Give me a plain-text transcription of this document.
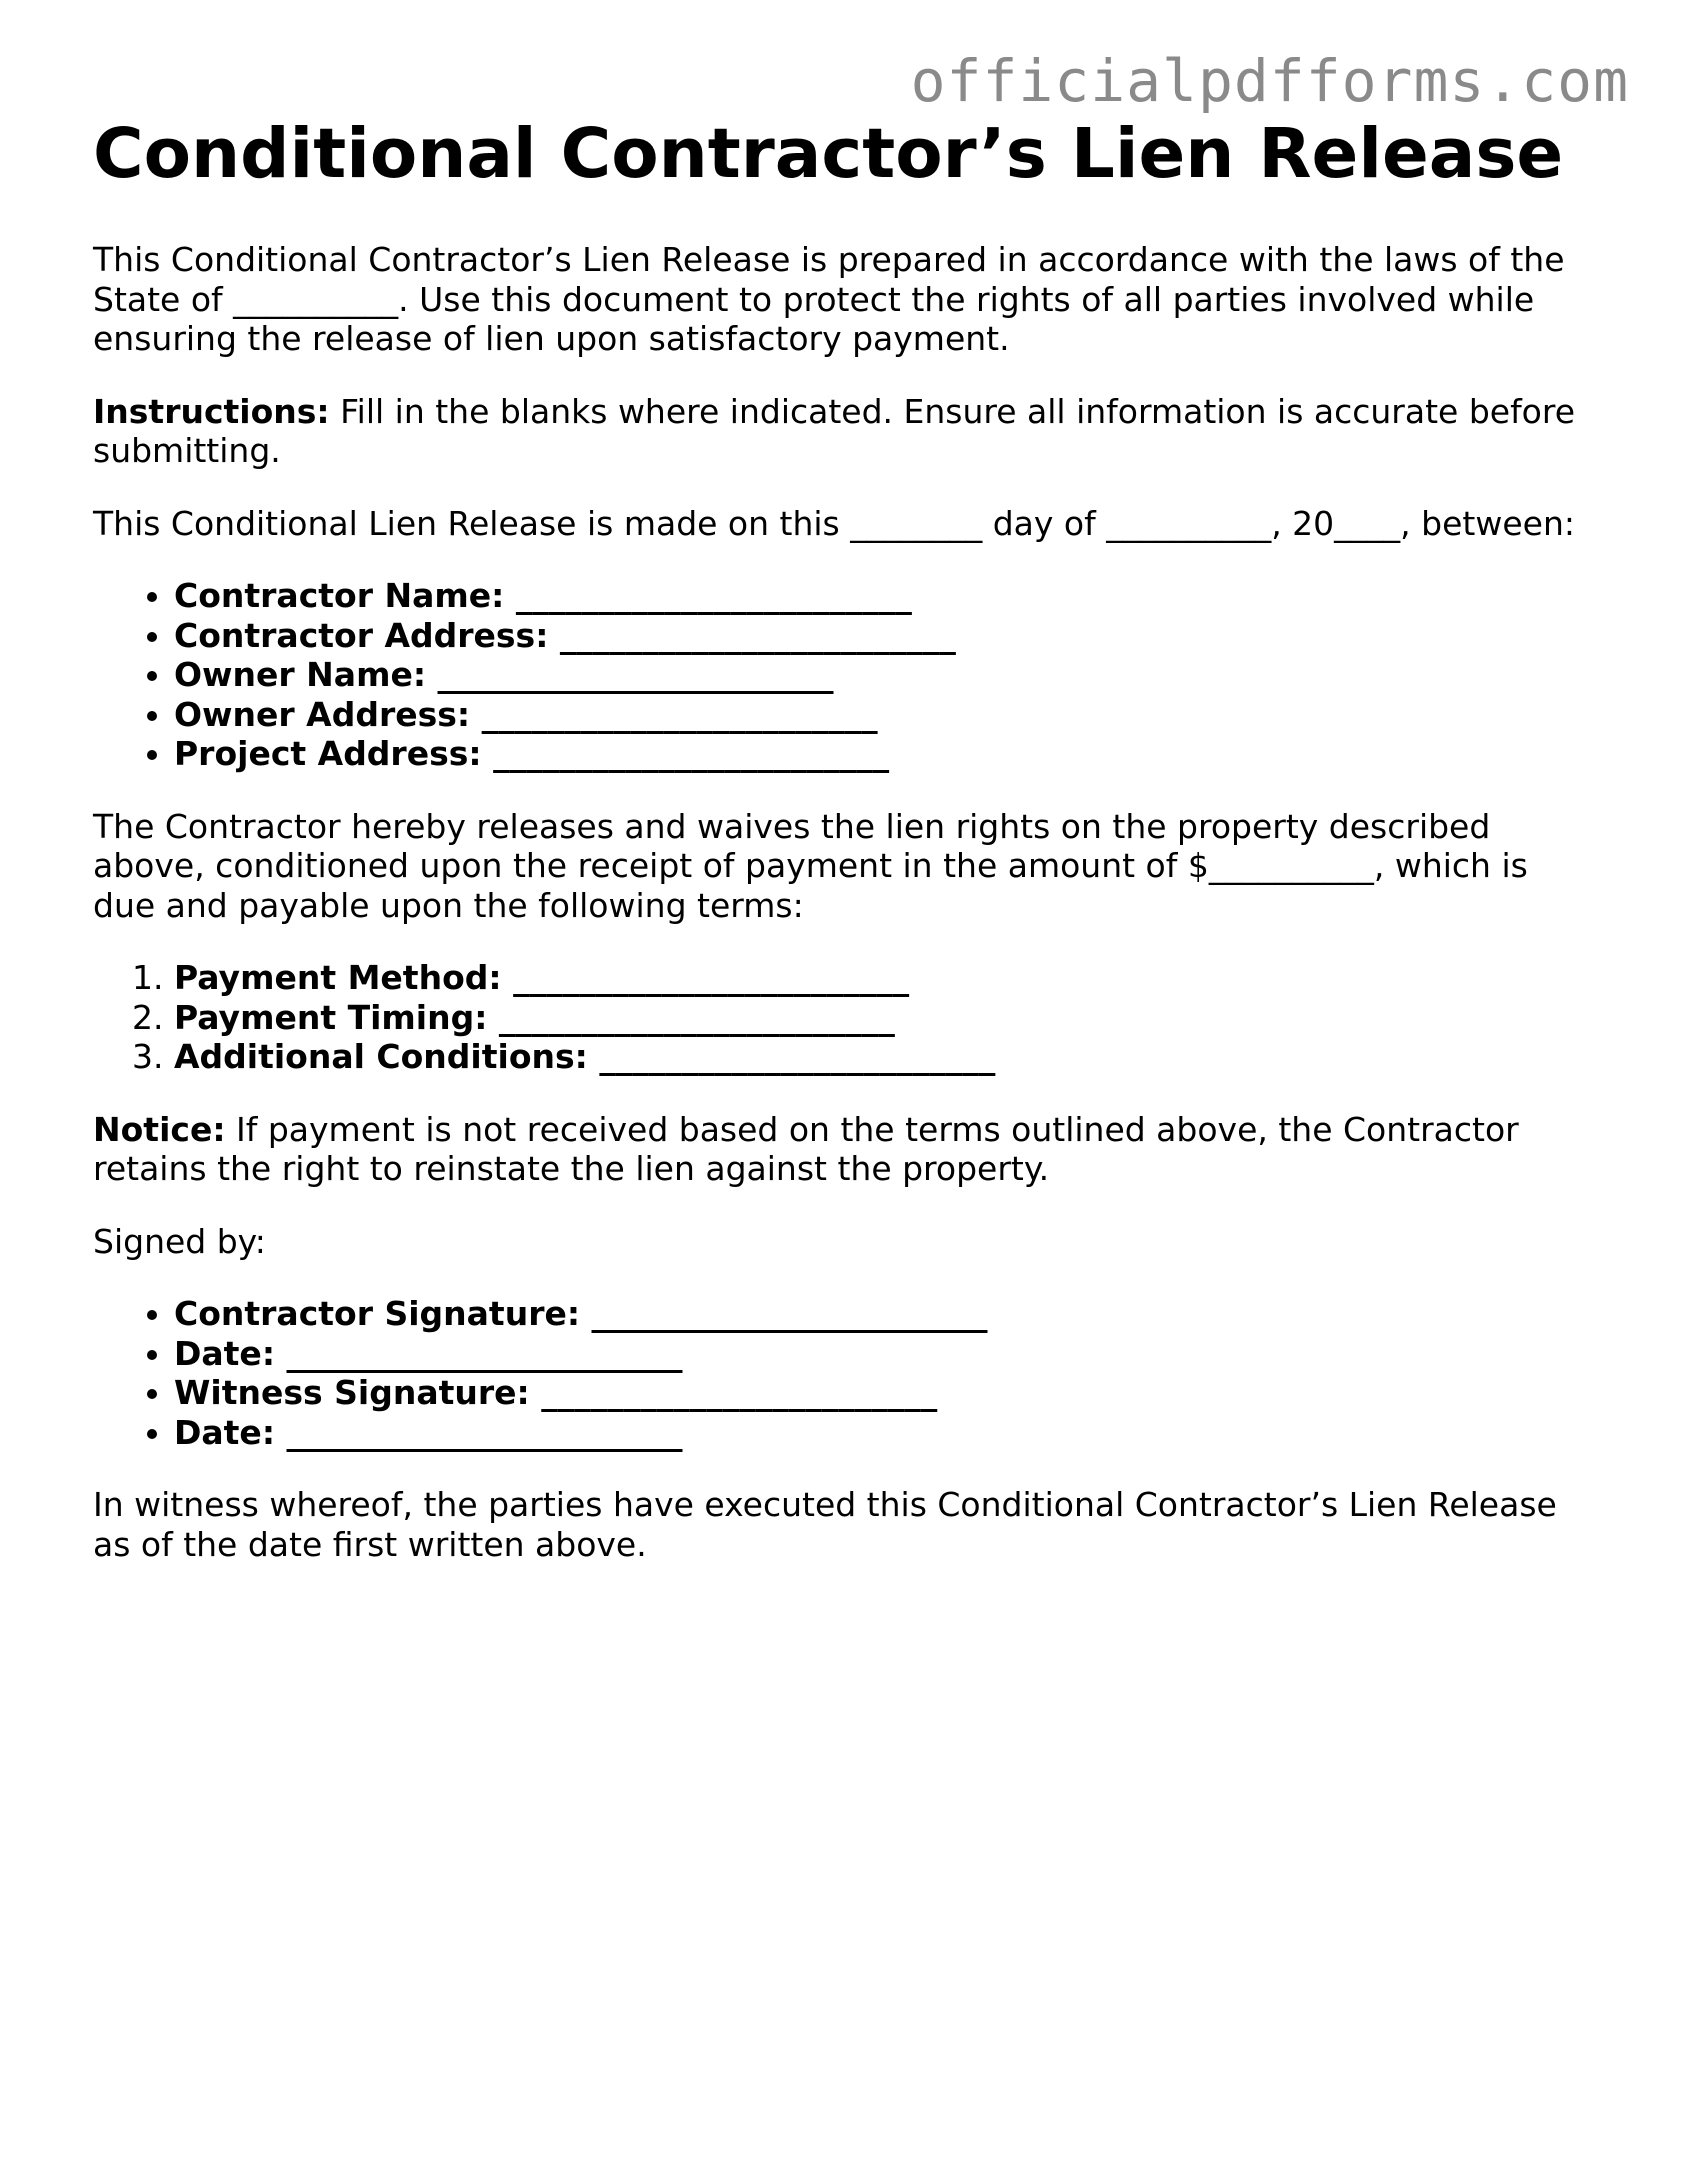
officialpdfforms.com
Conditional Contractor’s Lien Release

This Conditional Contractor’s Lien Release is prepared in accordance with the laws of the State of __________. Use this document to protect the rights of all parties involved while ensuring the release of lien upon satisfactory payment.

Instructions: Fill in the blanks where indicated. Ensure all information is accurate before submitting.

This Conditional Lien Release is made on this ________ day of __________, 20____, between:

• Contractor Name: ________________________
• Contractor Address: ________________________
• Owner Name: ________________________
• Owner Address: ________________________
• Project Address: ________________________

The Contractor hereby releases and waives the lien rights on the property described above, conditioned upon the receipt of payment in the amount of $__________, which is due and payable upon the following terms:

1. Payment Method: ________________________
2. Payment Timing: ________________________
3. Additional Conditions: ________________________

Notice: If payment is not received based on the terms outlined above, the Contractor retains the right to reinstate the lien against the property.

Signed by:

• Contractor Signature: ________________________
• Date: ________________________
• Witness Signature: ________________________
• Date: ________________________

In witness whereof, the parties have executed this Conditional Contractor’s Lien Release as of the date first written above.
